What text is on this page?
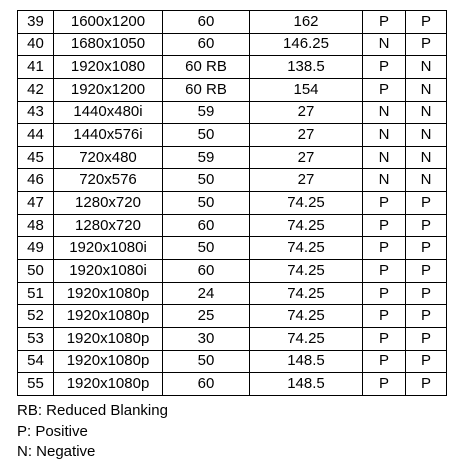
39	1600x1200	60	162	P	P
40	1680x1050	60	146.25	N	P
41	1920x1080	60 RB	138.5	P	N
42	1920x1200	60 RB	154	P	N
43	1440x480i	59	27	N	N
44	1440x576i	50	27	N	N
45	720x480	59	27	N	N
46	720x576	50	27	N	N
47	1280x720	50	74.25	P	P
48	1280x720	60	74.25	P	P
49	1920x1080i	50	74.25	P	P
50	1920x1080i	60	74.25	P	P
51	1920x1080p	24	74.25	P	P
52	1920x1080p	25	74.25	P	P
53	1920x1080p	30	74.25	P	P
54	1920x1080p	50	148.5	P	P
55	1920x1080p	60	148.5	P	P
RB: Reduced Blanking
P: Positive
N: Negative
